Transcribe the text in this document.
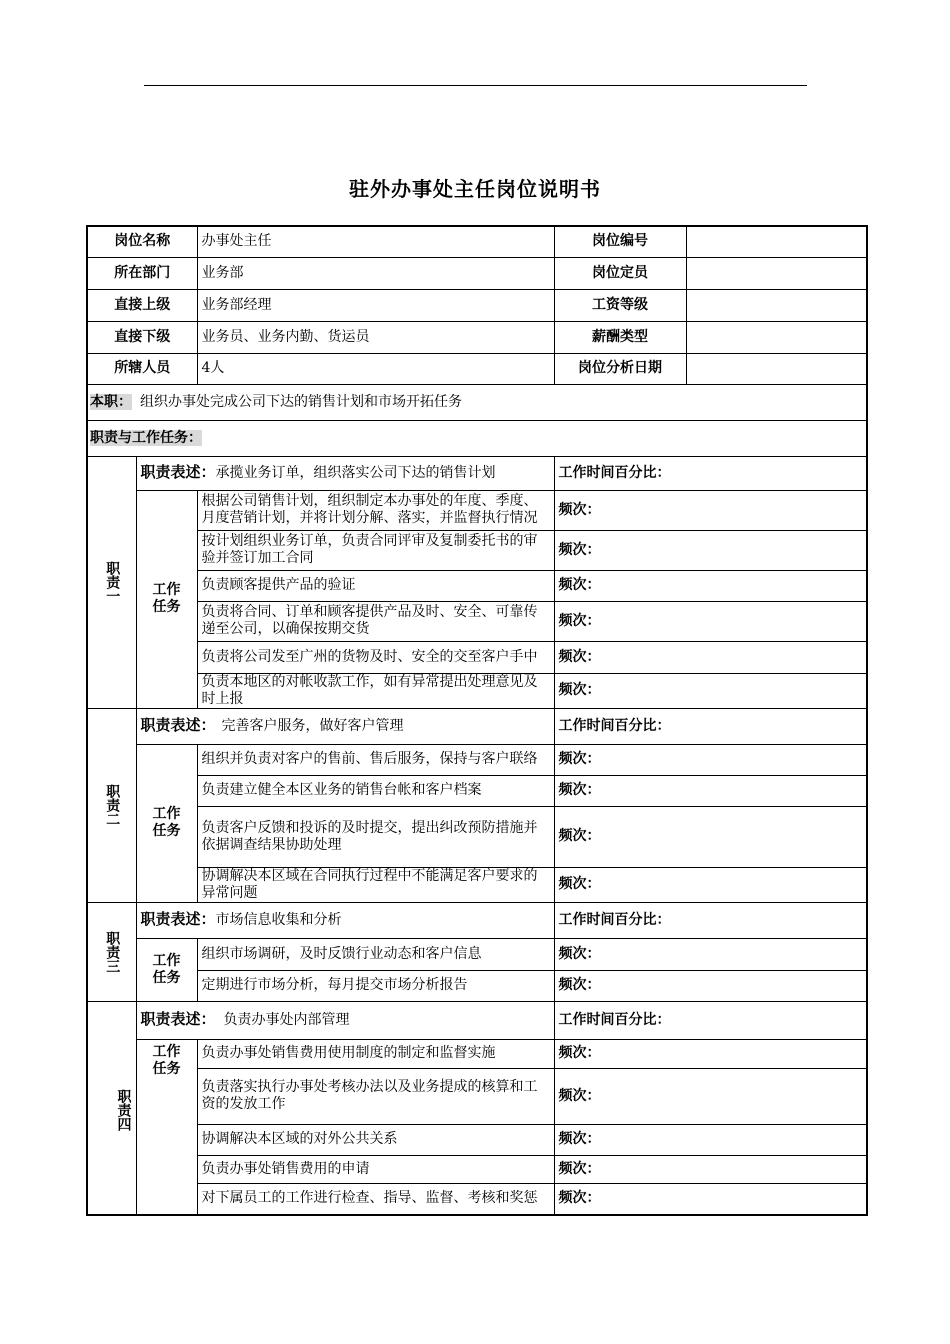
驻外办事处主任岗位说明书
岗位名称		办事处主任	岗位编号	
所在部门		业务部	岗位定员	
直接上级		业务部经理	工资等级	
直接下级		业务员、业务内勤、货运员	薪酬类型	
所辖人员		4人	岗位分析日期	
本职： 组织办事处完成公司下达的销售计划和市场开拓任务				
职责与工作任务：				
职责一	职责表述：承揽业务订单，组织落实公司下达的销售计划		工作时间百分比：	
	工作任务	根据公司销售计划，组织制定本办事处的年度、季度、月度营销计划，并将计划分解、落实，并监督执行情况	频次：	
		按计划组织业务订单，负责合同评审及复制委托书的审验并签订加工合同	频次：	
		负责顾客提供产品的验证	频次：	
		负责将合同、订单和顾客提供产品及时、安全、可靠传递至公司，以确保按期交货	频次：	
		负责将公司发至广州的货物及时、安全的交至客户手中	频次：	
		负责本地区的对帐收款工作，如有异常提出处理意见及时上报	频次：	
职责二	职责表述： 完善客户服务，做好客户管理		工作时间百分比：	
	工作任务	组织并负责对客户的售前、售后服务，保持与客户联络	频次：	
		负责建立健全本区业务的销售台帐和客户档案	频次：	
		负责客户反馈和投诉的及时提交，提出纠改预防措施并依据调查结果协助处理	频次：	
		协调解决本区域在合同执行过程中不能满足客户要求的异常问题	频次：	
职责三	职责表述：市场信息收集和分析		工作时间百分比：	
	工作任务	组织市场调研，及时反馈行业动态和客户信息	频次：	
		定期进行市场分析，每月提交市场分析报告	频次：	
职责四	职责表述： 负责办事处内部管理		工作时间百分比：	
	工作任务	负责办事处销售费用使用制度的制定和监督实施	频次：	
		负责落实执行办事处考核办法以及业务提成的核算和工资的发放工作	频次：	
		协调解决本区域的对外公共关系	频次：	
		负责办事处销售费用的申请	频次：	
		对下属员工的工作进行检查、指导、监督、考核和奖惩	频次：	
